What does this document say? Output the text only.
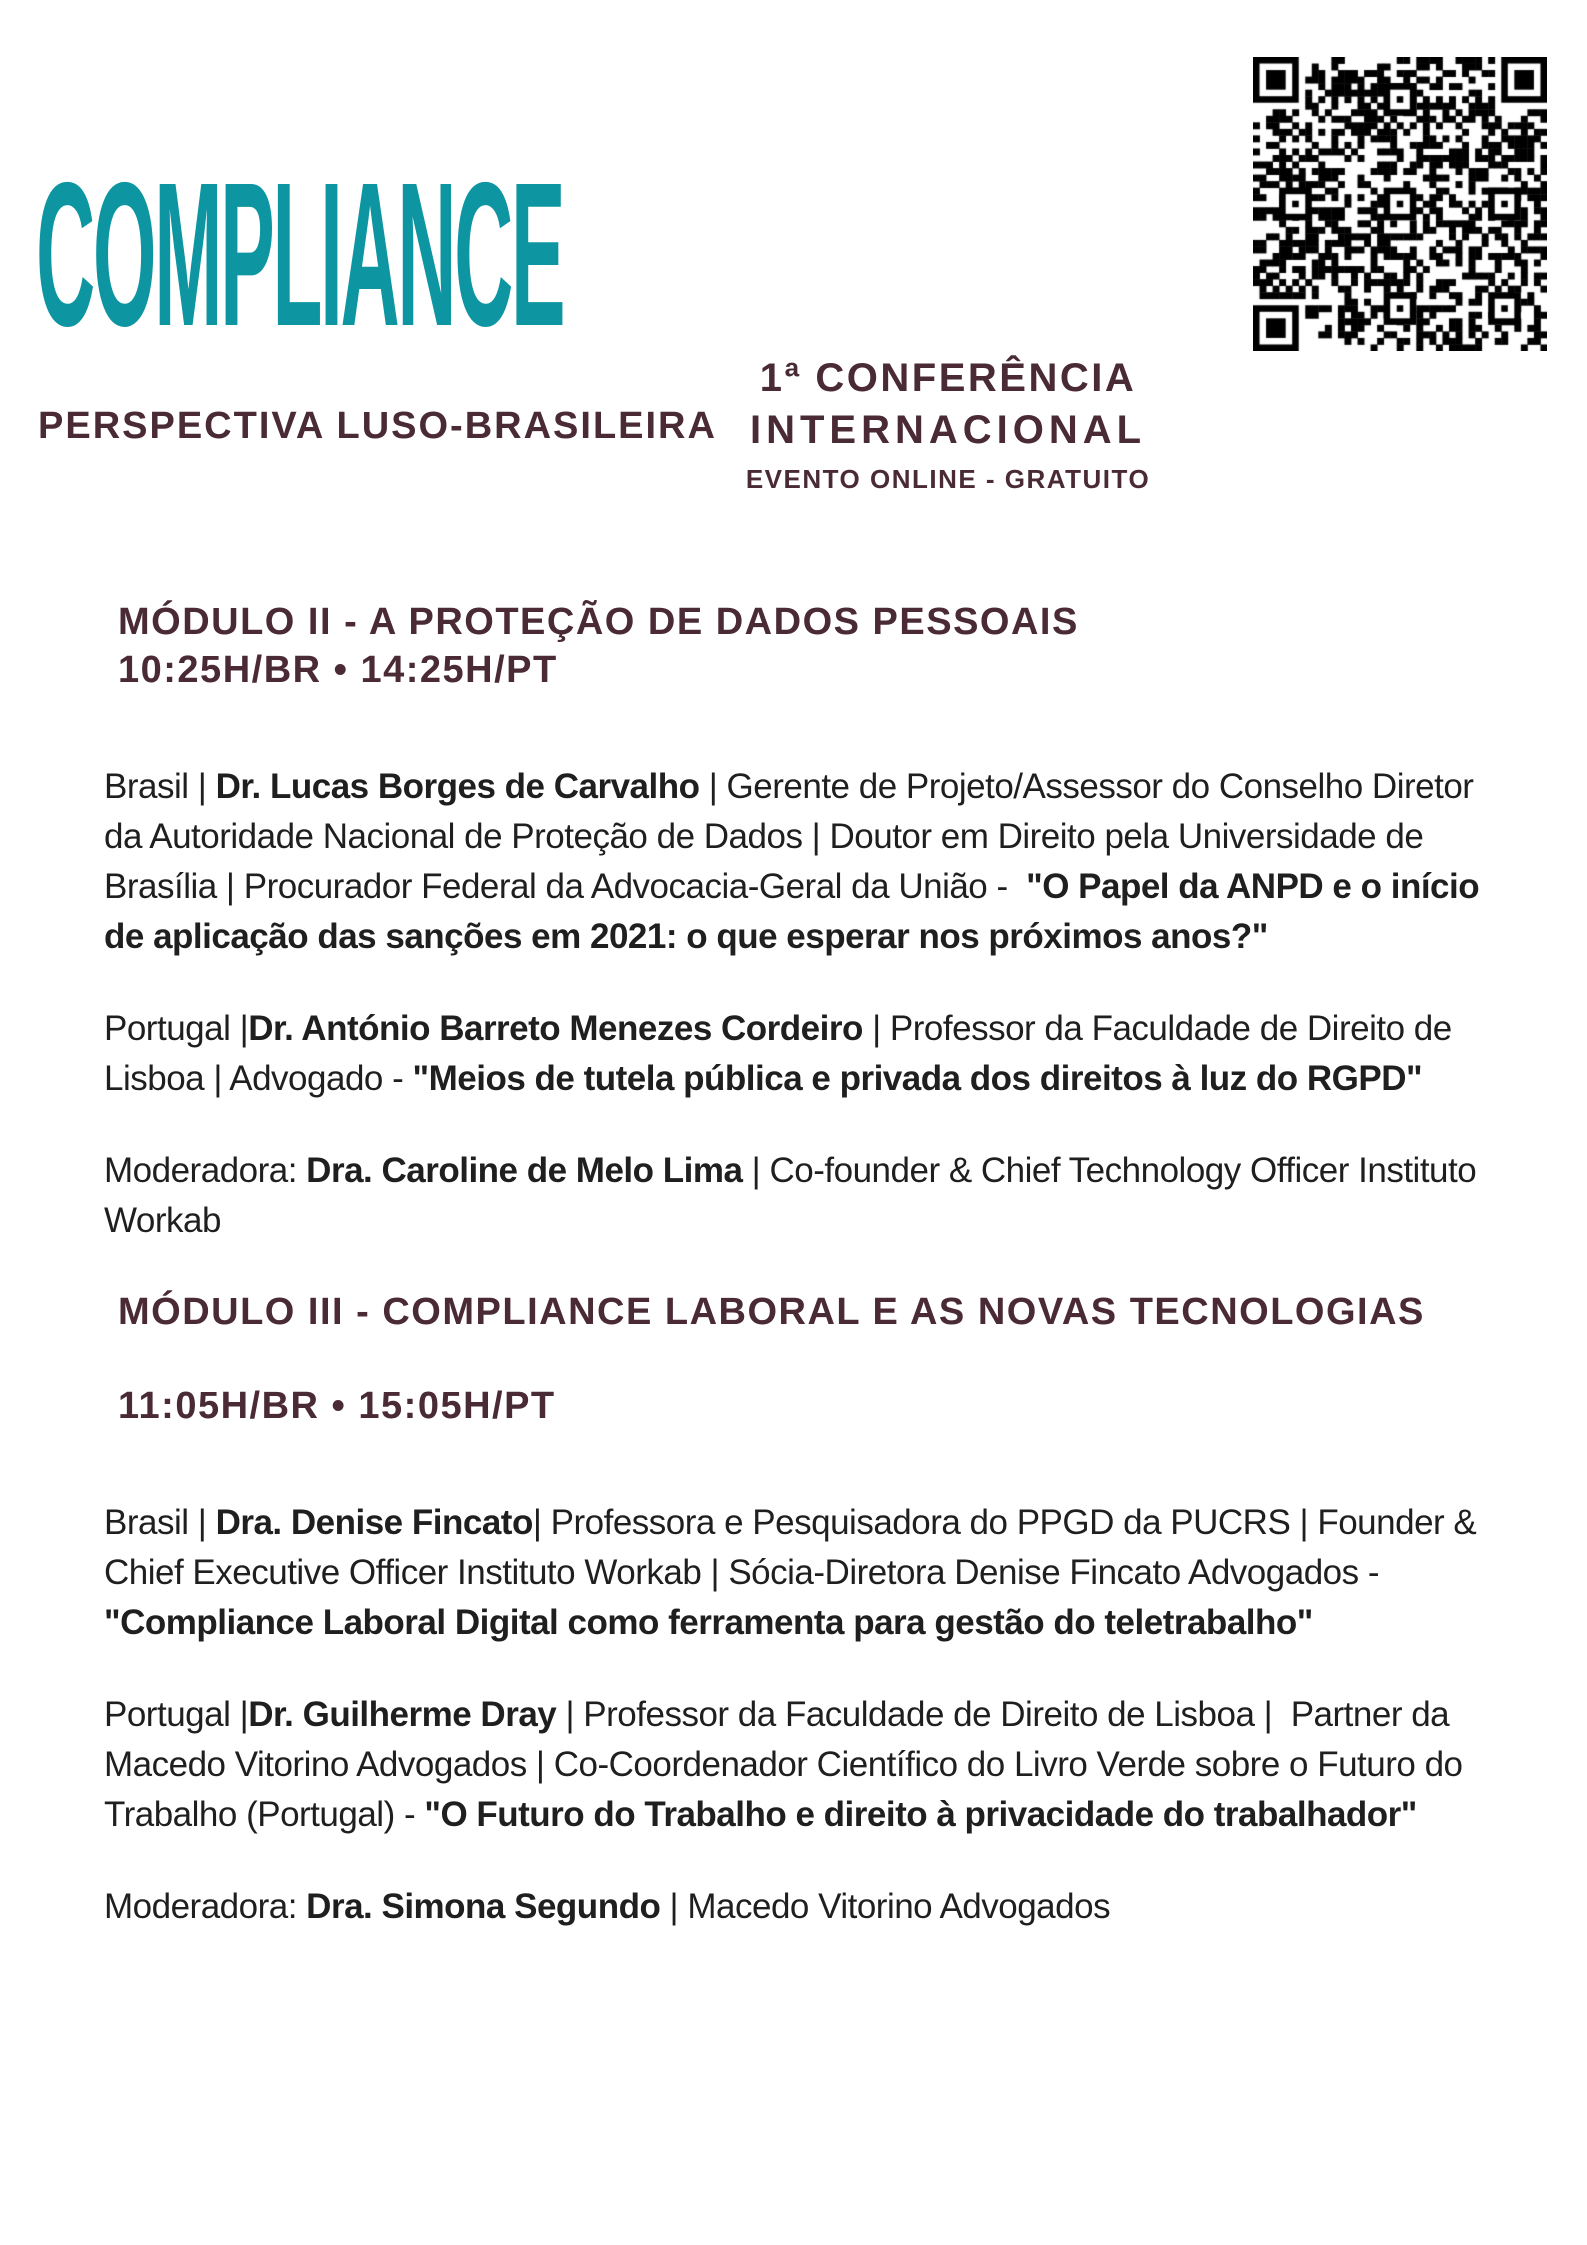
COMPLIANCE
PERSPECTIVA LUSO-BRASILEIRA
1ª CONFERÊNCIA
INTERNACIONAL
EVENTO ONLINE - GRATUITO
MÓDULO II - A PROTEÇÃO DE DADOS PESSOAIS
10:25H/BR • 14:25H/PT

Brasil | Dr. Lucas Borges de Carvalho | Gerente de Projeto/Assessor do Conselho Diretor da Autoridade Nacional de Proteção de Dados | Doutor em Direito pela Universidade de Brasília | Procurador Federal da Advocacia-Geral da União -  "O Papel da ANPD e o início de aplicação das sanções em 2021: o que esperar nos próximos anos?"

Portugal |Dr. António Barreto Menezes Cordeiro | Professor da Faculdade de Direito de Lisboa | Advogado - "Meios de tutela pública e privada dos direitos à luz do RGPD"

Moderadora: Dra. Caroline de Melo Lima | Co-founder & Chief Technology Officer Instituto Workab

MÓDULO III - COMPLIANCE LABORAL E AS NOVAS TECNOLOGIAS
11:05H/BR • 15:05H/PT

Brasil | Dra. Denise Fincato| Professora e Pesquisadora do PPGD da PUCRS | Founder & Chief Executive Officer Instituto Workab | Sócia-Diretora Denise Fincato Advogados - "Compliance Laboral Digital como ferramenta para gestão do teletrabalho"

Portugal |Dr. Guilherme Dray | Professor da Faculdade de Direito de Lisboa |  Partner da Macedo Vitorino Advogados | Co-Coordenador Científico do Livro Verde sobre o Futuro do Trabalho (Portugal) - "O Futuro do Trabalho e direito à privacidade do trabalhador"

Moderadora: Dra. Simona Segundo | Macedo Vitorino Advogados
